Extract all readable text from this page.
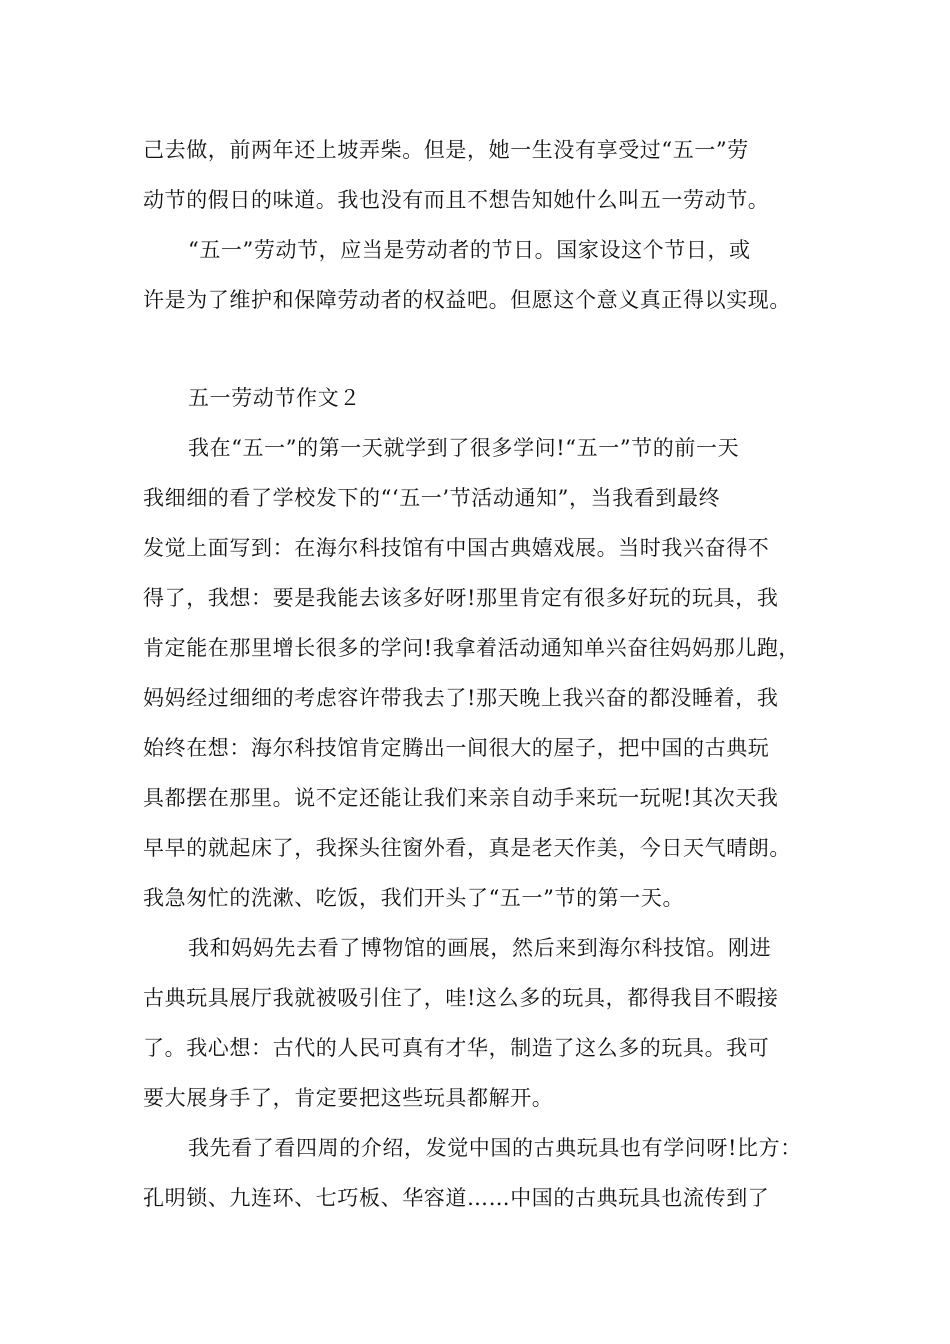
己去做，前两年还上坡弄柴。但是，她一生没有享受过“五一”劳
动节的假日的味道。我也没有而且不想告知她什么叫五一劳动节。
“五一”劳动节，应当是劳动者的节日。国家设这个节日，或
许是为了维护和保障劳动者的权益吧。但愿这个意义真正得以实现。
五一劳动节作文２
我在“五一”的第一天就学到了很多学问!“五一”节的前一天
我细细的看了学校发下的“‘五一’节活动通知”，当我看到最终
发觉上面写到：在海尔科技馆有中国古典嬉戏展。当时我兴奋得不
得了，我想：要是我能去该多好呀!那里肯定有很多好玩的玩具，我
肯定能在那里增长很多的学问!我拿着活动通知单兴奋往妈妈那儿跑，
妈妈经过细细的考虑容许带我去了!那天晚上我兴奋的都没睡着，我
始终在想：海尔科技馆肯定腾出一间很大的屋子，把中国的古典玩
具都摆在那里。说不定还能让我们来亲自动手来玩一玩呢!其次天我
早早的就起床了，我探头往窗外看，真是老天作美，今日天气晴朗。
我急匆忙的洗漱、吃饭，我们开头了“五一”节的第一天。
我和妈妈先去看了博物馆的画展，然后来到海尔科技馆。刚进
古典玩具展厅我就被吸引住了，哇!这么多的玩具，都得我目不暇接
了。我心想：古代的人民可真有才华，制造了这么多的玩具。我可
要大展身手了，肯定要把这些玩具都解开。
我先看了看四周的介绍，发觉中国的古典玩具也有学问呀!比方：
孔明锁、九连环、七巧板、华容道……中国的古典玩具也流传到了
